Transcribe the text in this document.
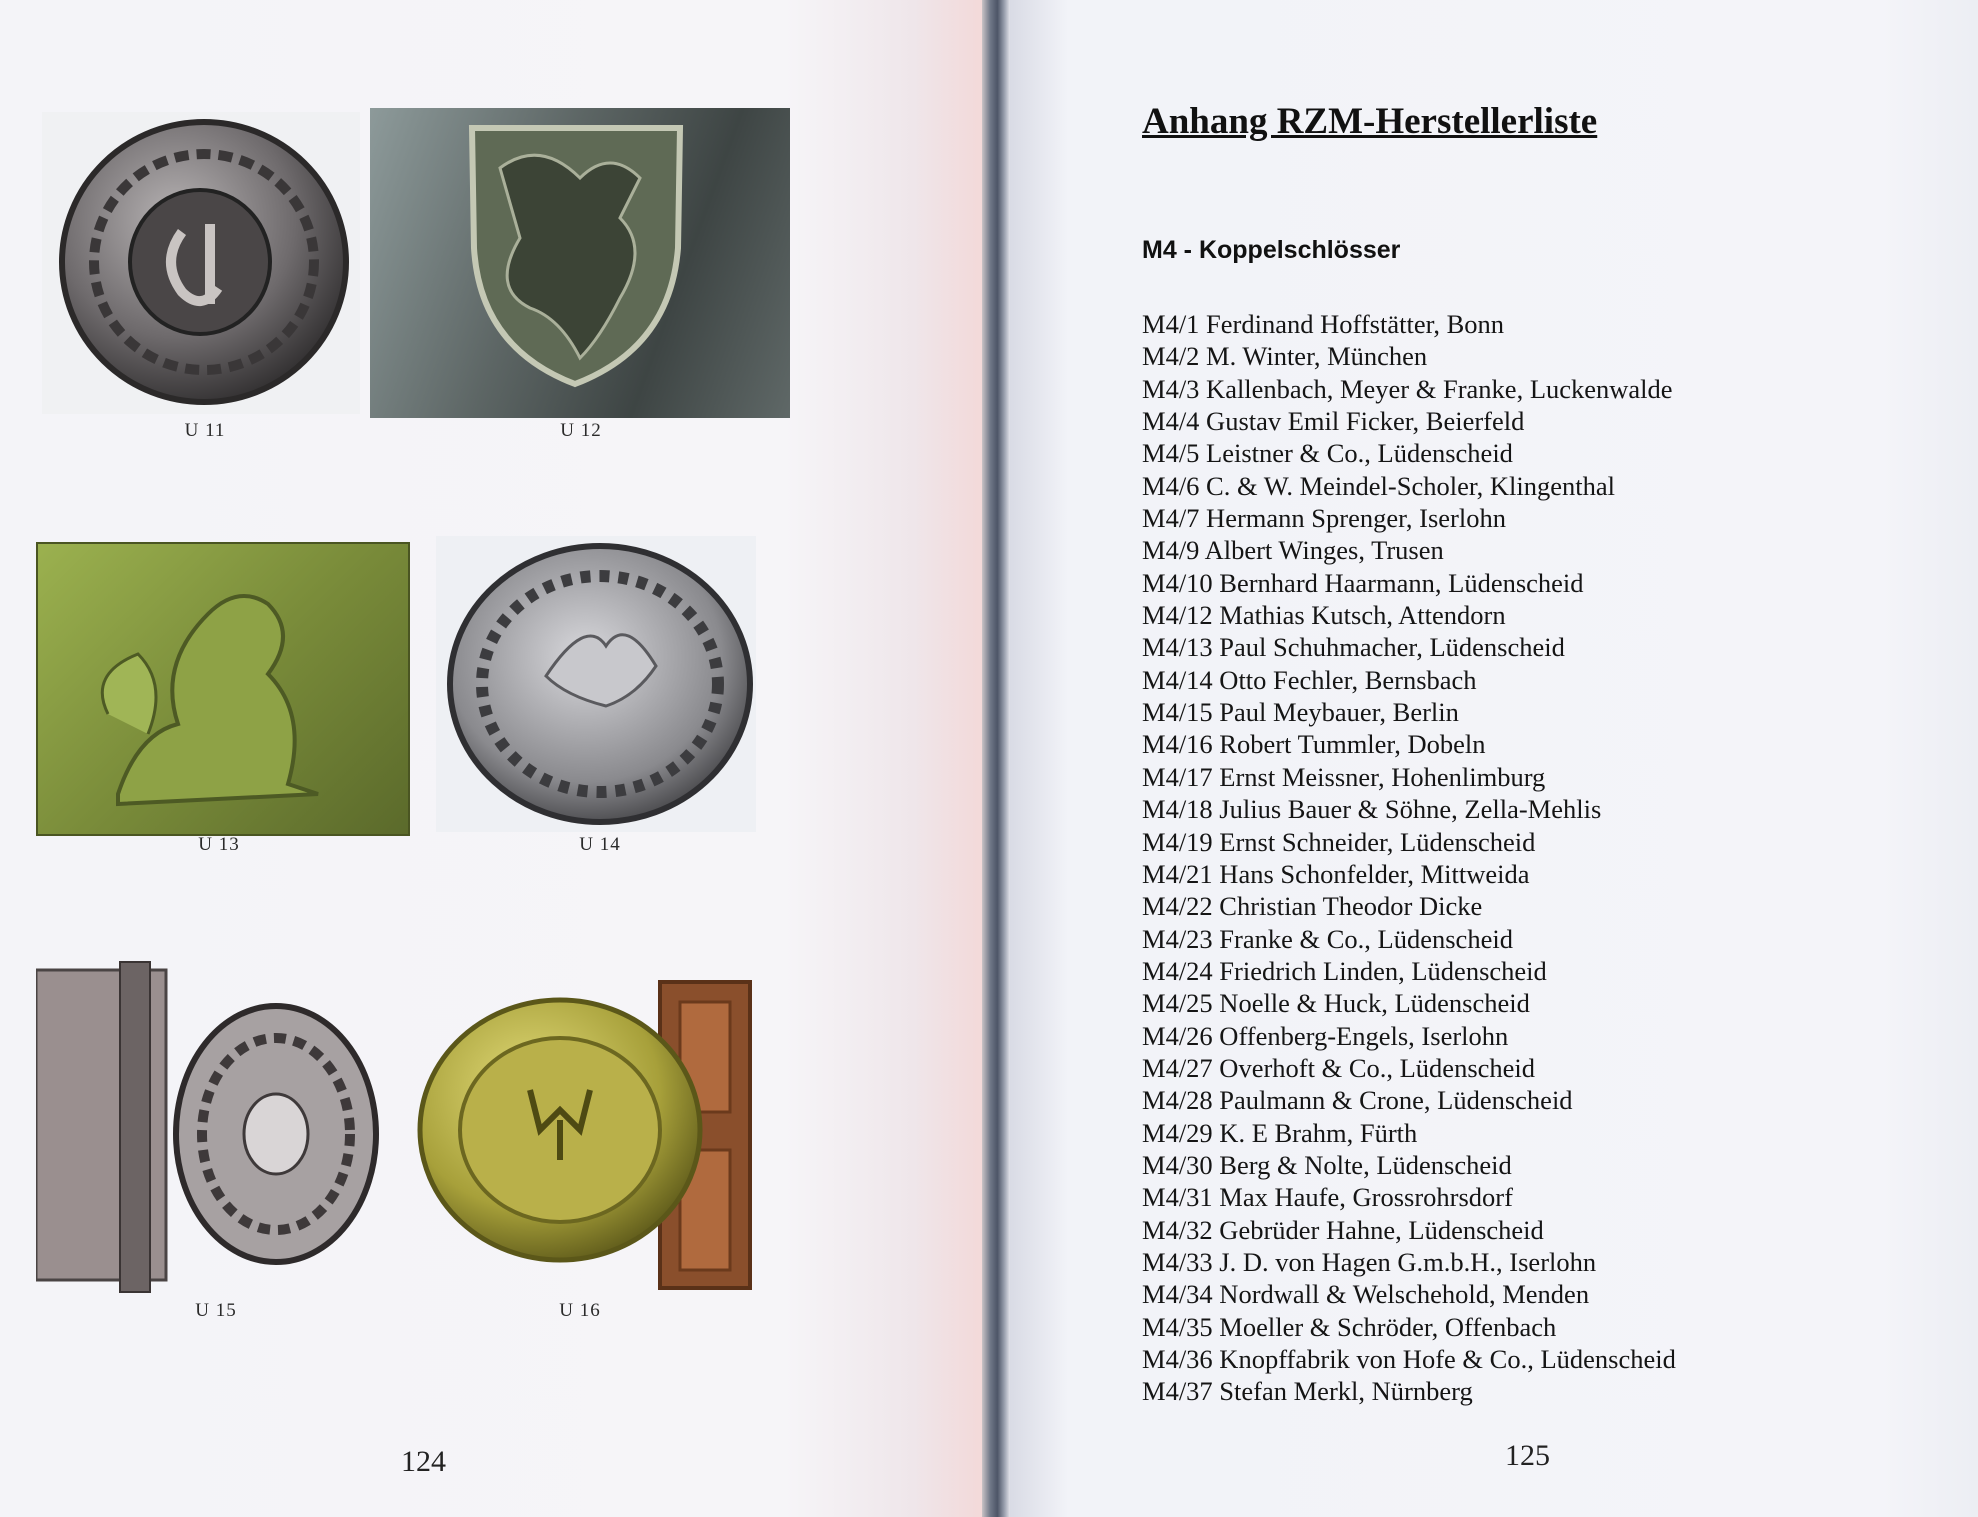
U 11	U 12
U 13	U 14
U 15	U 16
124
Anhang RZM-Herstellerliste
M4 - Koppelschlösser
M4/1 Ferdinand Hoffstätter, Bonn
M4/2 M. Winter, München
M4/3 Kallenbach, Meyer & Franke, Luckenwalde
M4/4 Gustav Emil Ficker, Beierfeld
M4/5 Leistner & Co., Lüdenscheid
M4/6 C. & W. Meindel-Scholer, Klingenthal
M4/7 Hermann Sprenger, Iserlohn
M4/9 Albert Winges, Trusen
M4/10 Bernhard Haarmann, Lüdenscheid
M4/12 Mathias Kutsch, Attendorn
M4/13 Paul Schuhmacher, Lüdenscheid
M4/14 Otto Fechler, Bernsbach
M4/15 Paul Meybauer, Berlin
M4/16 Robert Tummler, Dobeln
M4/17 Ernst Meissner, Hohenlimburg
M4/18 Julius Bauer & Söhne, Zella-Mehlis
M4/19 Ernst Schneider, Lüdenscheid
M4/21 Hans Schonfelder, Mittweida
M4/22 Christian Theodor Dicke
M4/23 Franke & Co., Lüdenscheid
M4/24 Friedrich Linden, Lüdenscheid
M4/25 Noelle & Huck, Lüdenscheid
M4/26 Offenberg-Engels, Iserlohn
M4/27 Overhoft & Co., Lüdenscheid
M4/28 Paulmann & Crone, Lüdenscheid
M4/29 K. E Brahm, Fürth
M4/30 Berg & Nolte, Lüdenscheid
M4/31 Max Haufe, Grossrohrsdorf
M4/32 Gebrüder Hahne, Lüdenscheid
M4/33 J. D. von Hagen G.m.b.H., Iserlohn
M4/34 Nordwall & Welschehold, Menden
M4/35 Moeller & Schröder, Offenbach
M4/36 Knopffabrik von Hofe & Co., Lüdenscheid
M4/37 Stefan Merkl, Nürnberg
125
